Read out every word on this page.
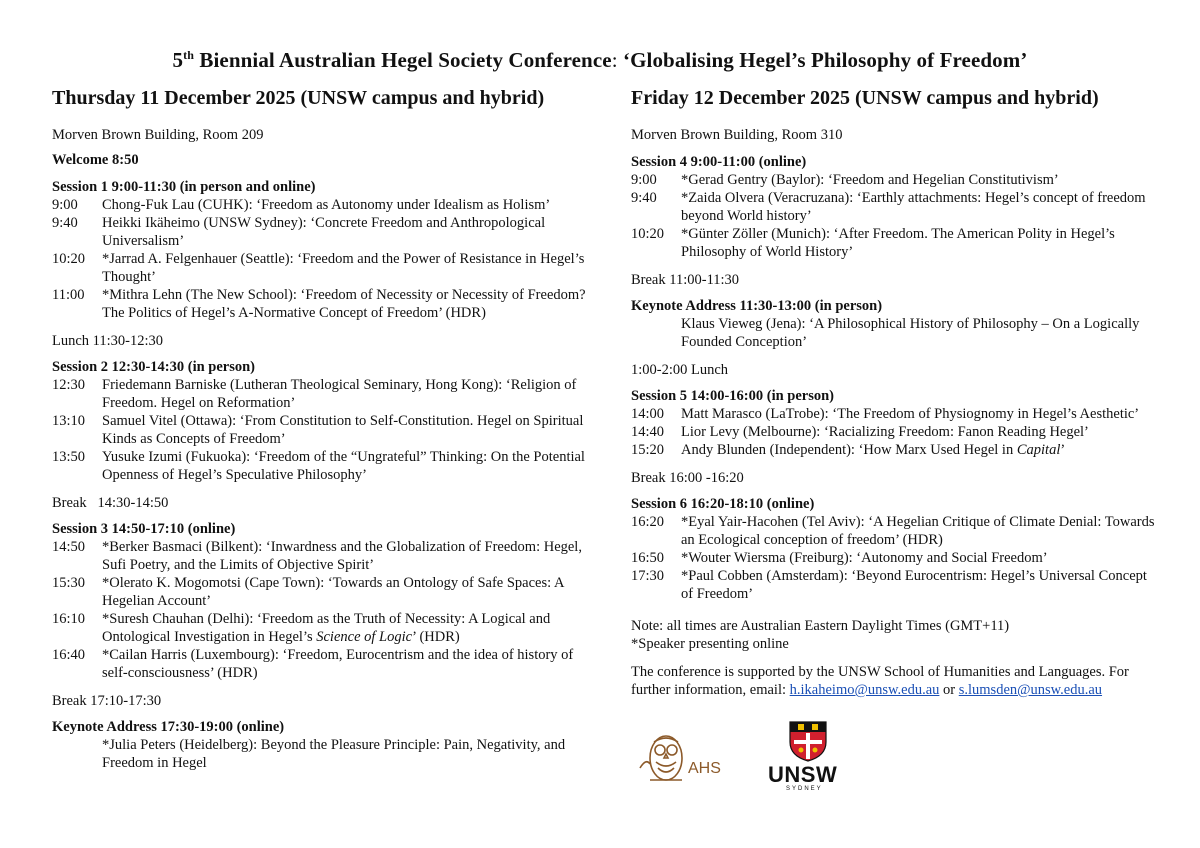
5th Biennial Australian Hegel Society Conference: ‘Globalising Hegel’s Philosophy of Freedom’
Thursday 11 December 2025 (UNSW campus and hybrid)
Morven Brown Building, Room 209
Welcome 8:50
Session 1 9:00-11:30 (in person and online)
9:00	Chong-Fuk Lau (CUHK): ‘Freedom as Autonomy under Idealism as Holism’
9:40	Heikki Ikäheimo (UNSW Sydney): ‘Concrete Freedom and Anthropological Universalism’
10:20	*Jarrad A. Felgenhauer (Seattle): ‘Freedom and the Power of Resistance in Hegel’s Thought’
11:00	*Mithra Lehn (The New School): ‘Freedom of Necessity or Necessity of Freedom? The Politics of Hegel’s A-Normative Concept of Freedom’ (HDR)
Lunch 11:30-12:30
Session 2 12:30-14:30 (in person)
12:30	Friedemann Barniske (Lutheran Theological Seminary, Hong Kong): ‘Religion of Freedom. Hegel on Reformation’
13:10	Samuel Vitel (Ottawa): ‘From Constitution to Self-Constitution. Hegel on Spiritual Kinds as Concepts of Freedom’
13:50	Yusuke Izumi (Fukuoka): ‘Freedom of the “Ungrateful” Thinking: On the Potential Openness of Hegel’s Speculative Philosophy’
Break   14:30-14:50
Session 3 14:50-17:10 (online)
14:50	*Berker Basmaci (Bilkent): ‘Inwardness and the Globalization of Freedom: Hegel, Sufi Poetry, and the Limits of Objective Spirit’
15:30	*Olerato K. Mogomotsi (Cape Town): ‘Towards an Ontology of Safe Spaces: A Hegelian Account’
16:10	*Suresh Chauhan (Delhi): ‘Freedom as the Truth of Necessity: A Logical and Ontological Investigation in Hegel’s Science of Logic’ (HDR)
16:40	*Cailan Harris (Luxembourg): ‘Freedom, Eurocentrism and the idea of history of self-consciousness’ (HDR)
Break 17:10-17:30
Keynote Address 17:30-19:00 (online)
*Julia Peters (Heidelberg): Beyond the Pleasure Principle: Pain, Negativity, and Freedom in Hegel
Friday 12 December 2025 (UNSW campus and hybrid)
Morven Brown Building, Room 310
Session 4 9:00-11:00 (online)
9:00	*Gerad Gentry (Baylor): ‘Freedom and Hegelian Constitutivism’
9:40	*Zaida Olvera (Veracruzana): ‘Earthly attachments: Hegel’s concept of freedom beyond World history’
10:20	*Günter Zöller (Munich): ‘After Freedom. The American Polity in Hegel’s Philosophy of World History’
Break 11:00-11:30
Keynote Address 11:30-13:00 (in person)
Klaus Vieweg (Jena): ‘A Philosophical History of Philosophy – On a Logically Founded Conception’
1:00-2:00 Lunch
Session 5 14:00-16:00 (in person)
14:00	Matt Marasco (LaTrobe): ‘The Freedom of Physiognomy in Hegel’s Aesthetic’
14:40	Lior Levy (Melbourne): ‘Racializing Freedom: Fanon Reading Hegel’
15:20	Andy Blunden (Independent): ‘How Marx Used Hegel in Capital’
Break 16:00 -16:20
Session 6 16:20-18:10 (online)
16:20	*Eyal Yair-Hacohen (Tel Aviv): ‘A Hegelian Critique of Climate Denial: Towards an Ecological conception of freedom’ (HDR)
16:50	*Wouter Wiersma (Freiburg): ‘Autonomy and Social Freedom’
17:30	*Paul Cobben (Amsterdam): ‘Beyond Eurocentrism: Hegel’s Universal Concept of Freedom’
Note: all times are Australian Eastern Daylight Times (GMT+11)
*Speaker presenting online
The conference is supported by the UNSW School of Humanities and Languages. For further information, email: h.ikaheimo@unsw.edu.au or s.lumsden@unsw.edu.au
AHS UNSW
SYDNEY
